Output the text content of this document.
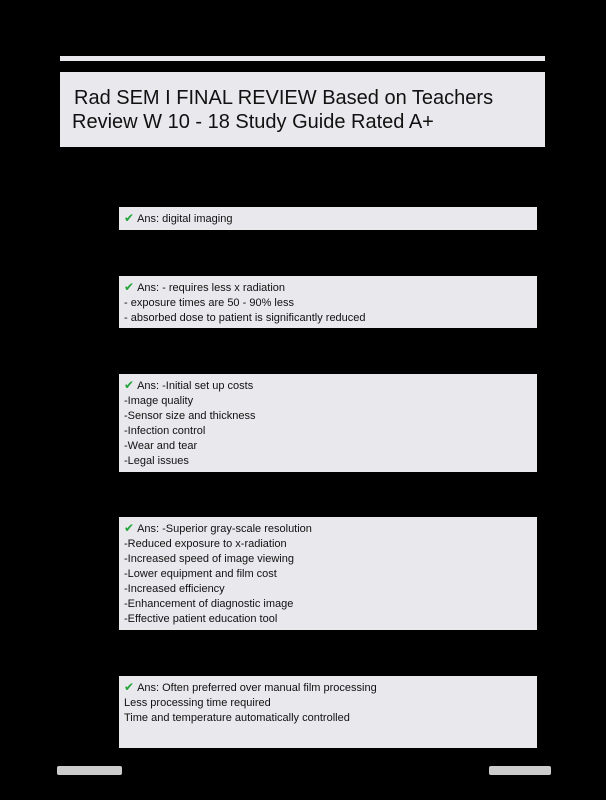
Rad SEM I FINAL REVIEW Based on Teachers
Review W 10 - 18 Study Guide Rated A+
✔ Ans: digital imaging
✔ Ans: - requires less x radiation
- exposure times are 50 - 90% less
- absorbed dose to patient is significantly reduced
✔ Ans: -Initial set up costs
-Image quality
-Sensor size and thickness
-Infection control
-Wear and tear
-Legal issues
✔ Ans: -Superior gray-scale resolution
-Reduced exposure to x-radiation
-Increased speed of image viewing
-Lower equipment and film cost
-Increased efficiency
-Enhancement of diagnostic image
-Effective patient education tool
✔ Ans: Often preferred over manual film processing
Less processing time required
Time and temperature automatically controlled
